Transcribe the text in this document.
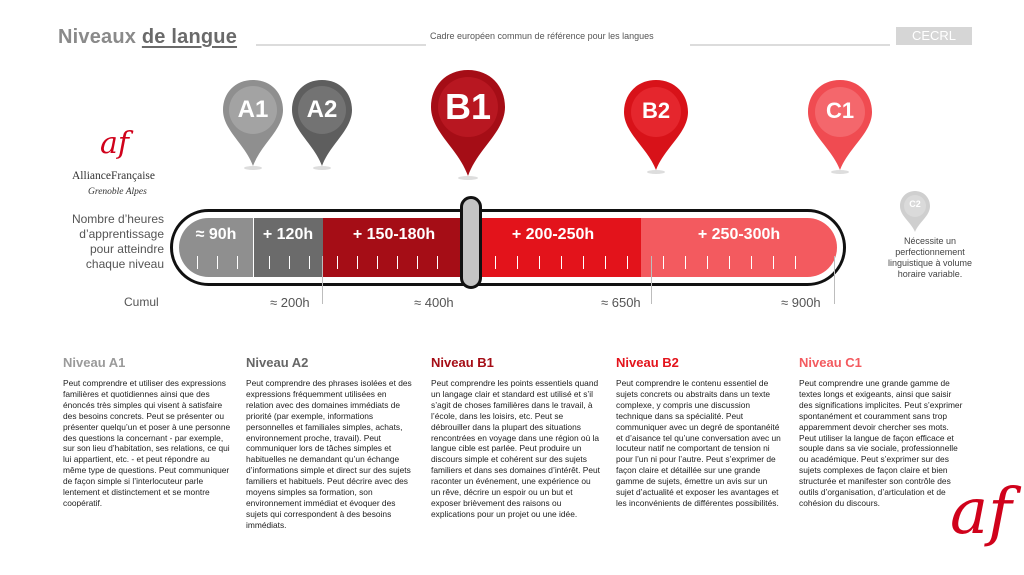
Niveaux de langue	Cadre européen commun de référence pour les langues	CECRL
af
AllianceFrançaise
Grenoble Alpes
Nombre d’heures d’apprentissage pour atteindre chaque niveau
Cumul
A1	A2	B1	B2	C1
C2
Nécessite un perfectionnement linguistique à volume horaire variable.
≈ 90h	+ 120h	+ 150-180h	+ 200-250h	+ 250-300h
≈ 200h	≈ 400h	≈ 650h	≈ 900h
Niveau A1

Peut comprendre et utiliser des expressions familières et quotidiennes ainsi que des énoncés très simples qui visent à satisfaire des besoins concrets. Peut se présenter ou présenter quelqu’un et poser à une personne des questions la concernant - par exemple, sur son lieu d’habitation, ses relations, ce qui lui appartient, etc. - et peut répondre au même type de questions. Peut communiquer de façon simple si l’interlocuteur parle lentement et distinctement et se montre coopératif.

Niveau A2

Peut comprendre des phrases isolées et des expressions fréquemment utilisées en relation avec des domaines immédiats de priorité (par exemple, informations personnelles et familiales simples, achats, environnement proche, travail). Peut communiquer lors de tâches simples et habituelles ne demandant qu’un échange d’informations simple et direct sur des sujets familiers et habituels. Peut décrire avec des moyens simples sa formation, son environnement immédiat et évoquer des sujets qui correspondent à des besoins immédiats.

Niveau B1

Peut comprendre les points essentiels quand un langage clair et standard est utilisé et s’il s’agit de choses familières dans le travail, à l’école, dans les loisirs, etc. Peut se débrouiller dans la plupart des situations rencontrées en voyage dans une région où la langue cible est parlée. Peut produire un discours simple et cohérent sur des sujets familiers et dans ses domaines d’intérêt. Peut raconter un événement, une expérience ou un rêve, décrire un espoir ou un but et exposer brièvement des raisons ou explications pour un projet ou une idée.

Niveau B2

Peut comprendre le contenu essentiel de sujets concrets ou abstraits dans un texte complexe, y compris une discussion technique dans sa spécialité. Peut communiquer avec un degré de spontanéité et d’aisance tel qu’une conversation avec un locuteur natif ne comportant de tension ni pour l’un ni pour l’autre. Peut s’exprimer de façon claire et détaillée sur une grande gamme de sujets, émettre un avis sur un sujet d’actualité et exposer les avantages et les inconvénients de différentes possibilités.

Niveau C1

Peut comprendre une grande gamme de textes longs et exigeants, ainsi que saisir des significations implicites. Peut s’exprimer spontanément et couramment sans trop apparemment devoir chercher ses mots. Peut utiliser la langue de façon efficace et souple dans sa vie sociale, professionnelle ou académique. Peut s’exprimer sur des sujets complexes de façon claire et bien structurée et manifester son contrôle des outils d’organisation, d’articulation et de cohésion du discours.	af
